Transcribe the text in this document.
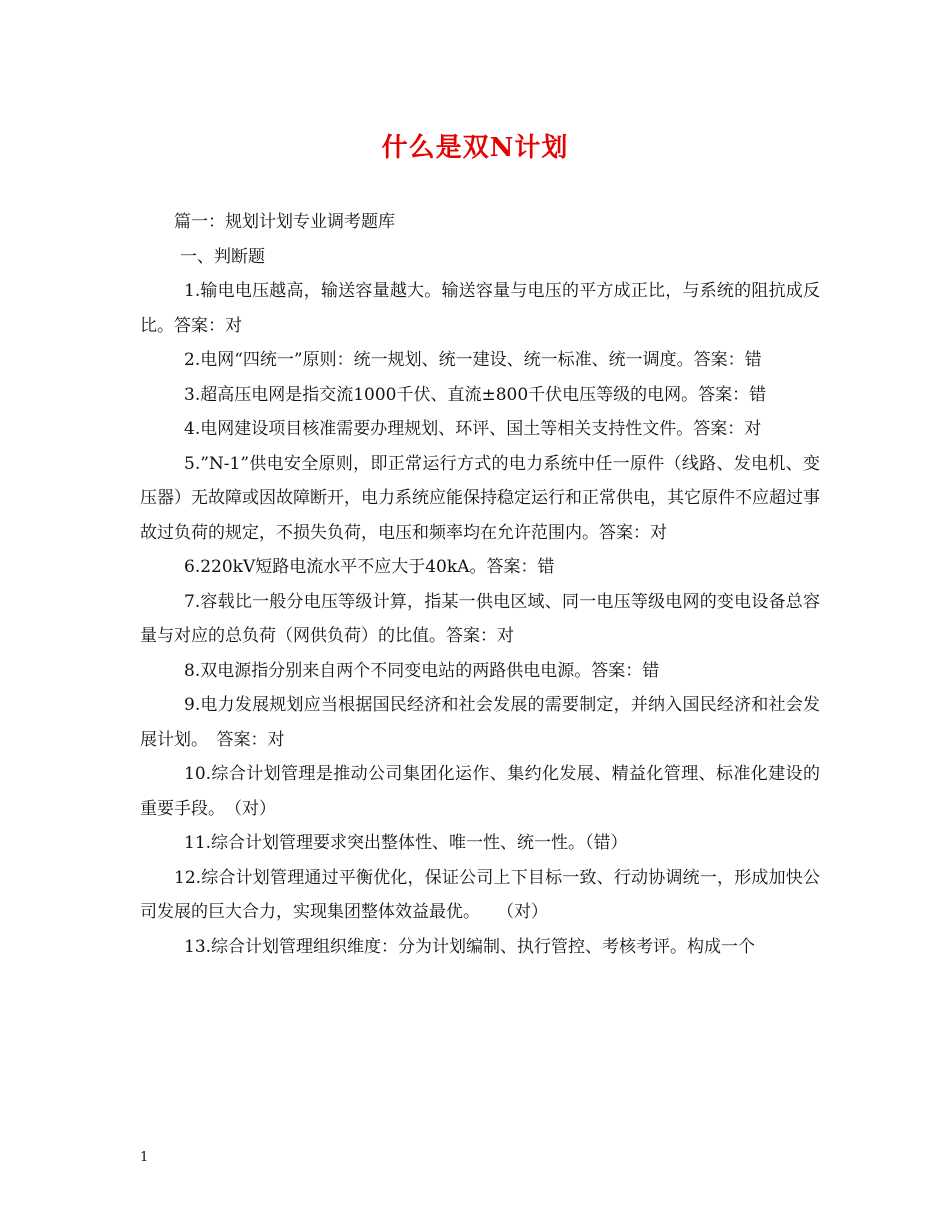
什么是双N计划

篇一：规划计划专业调考题库

一、判断题

1.输电电压越高，输送容量越大。输送容量与电压的平方成正比，与系统的阻抗成反比。答案：对

2.电网“四统一”原则：统一规划、统一建设、统一标准、统一调度。答案：错

3.超高压电网是指交流1000千伏、直流±800千伏电压等级的电网。答案：错

4.电网建设项目核准需要办理规划、环评、国土等相关支持性文件。答案：对

5.”N-1”供电安全原则，即正常运行方式的电力系统中任一原件（线路、发电机、变压器）无故障或因故障断开，电力系统应能保持稳定运行和正常供电，其它原件不应超过事故过负荷的规定，不损失负荷，电压和频率均在允许范围内。答案：对

6.220kV短路电流水平不应大于40kA。答案：错

7.容载比一般分电压等级计算，指某一供电区域、同一电压等级电网的变电设备总容量与对应的总负荷（网供负荷）的比值。答案：对

8.双电源指分别来自两个不同变电站的两路供电电源。答案：错

9.电力发展规划应当根据国民经济和社会发展的需要制定，并纳入国民经济和社会发展计划。　答案：对

10.综合计划管理是推动公司集团化运作、集约化发展、精益化管理、标准化建设的重要手段。　（对）

11.综合计划管理要求突出整体性、唯一性、统一性。（错）

12.综合计划管理通过平衡优化，保证公司上下目标一致、行动协调统一，形成加快公司发展的巨大合力，实现集团整体效益最优。　　（对）

13.综合计划管理组织维度：分为计划编制、执行管控、考核考评。构成一个

1
